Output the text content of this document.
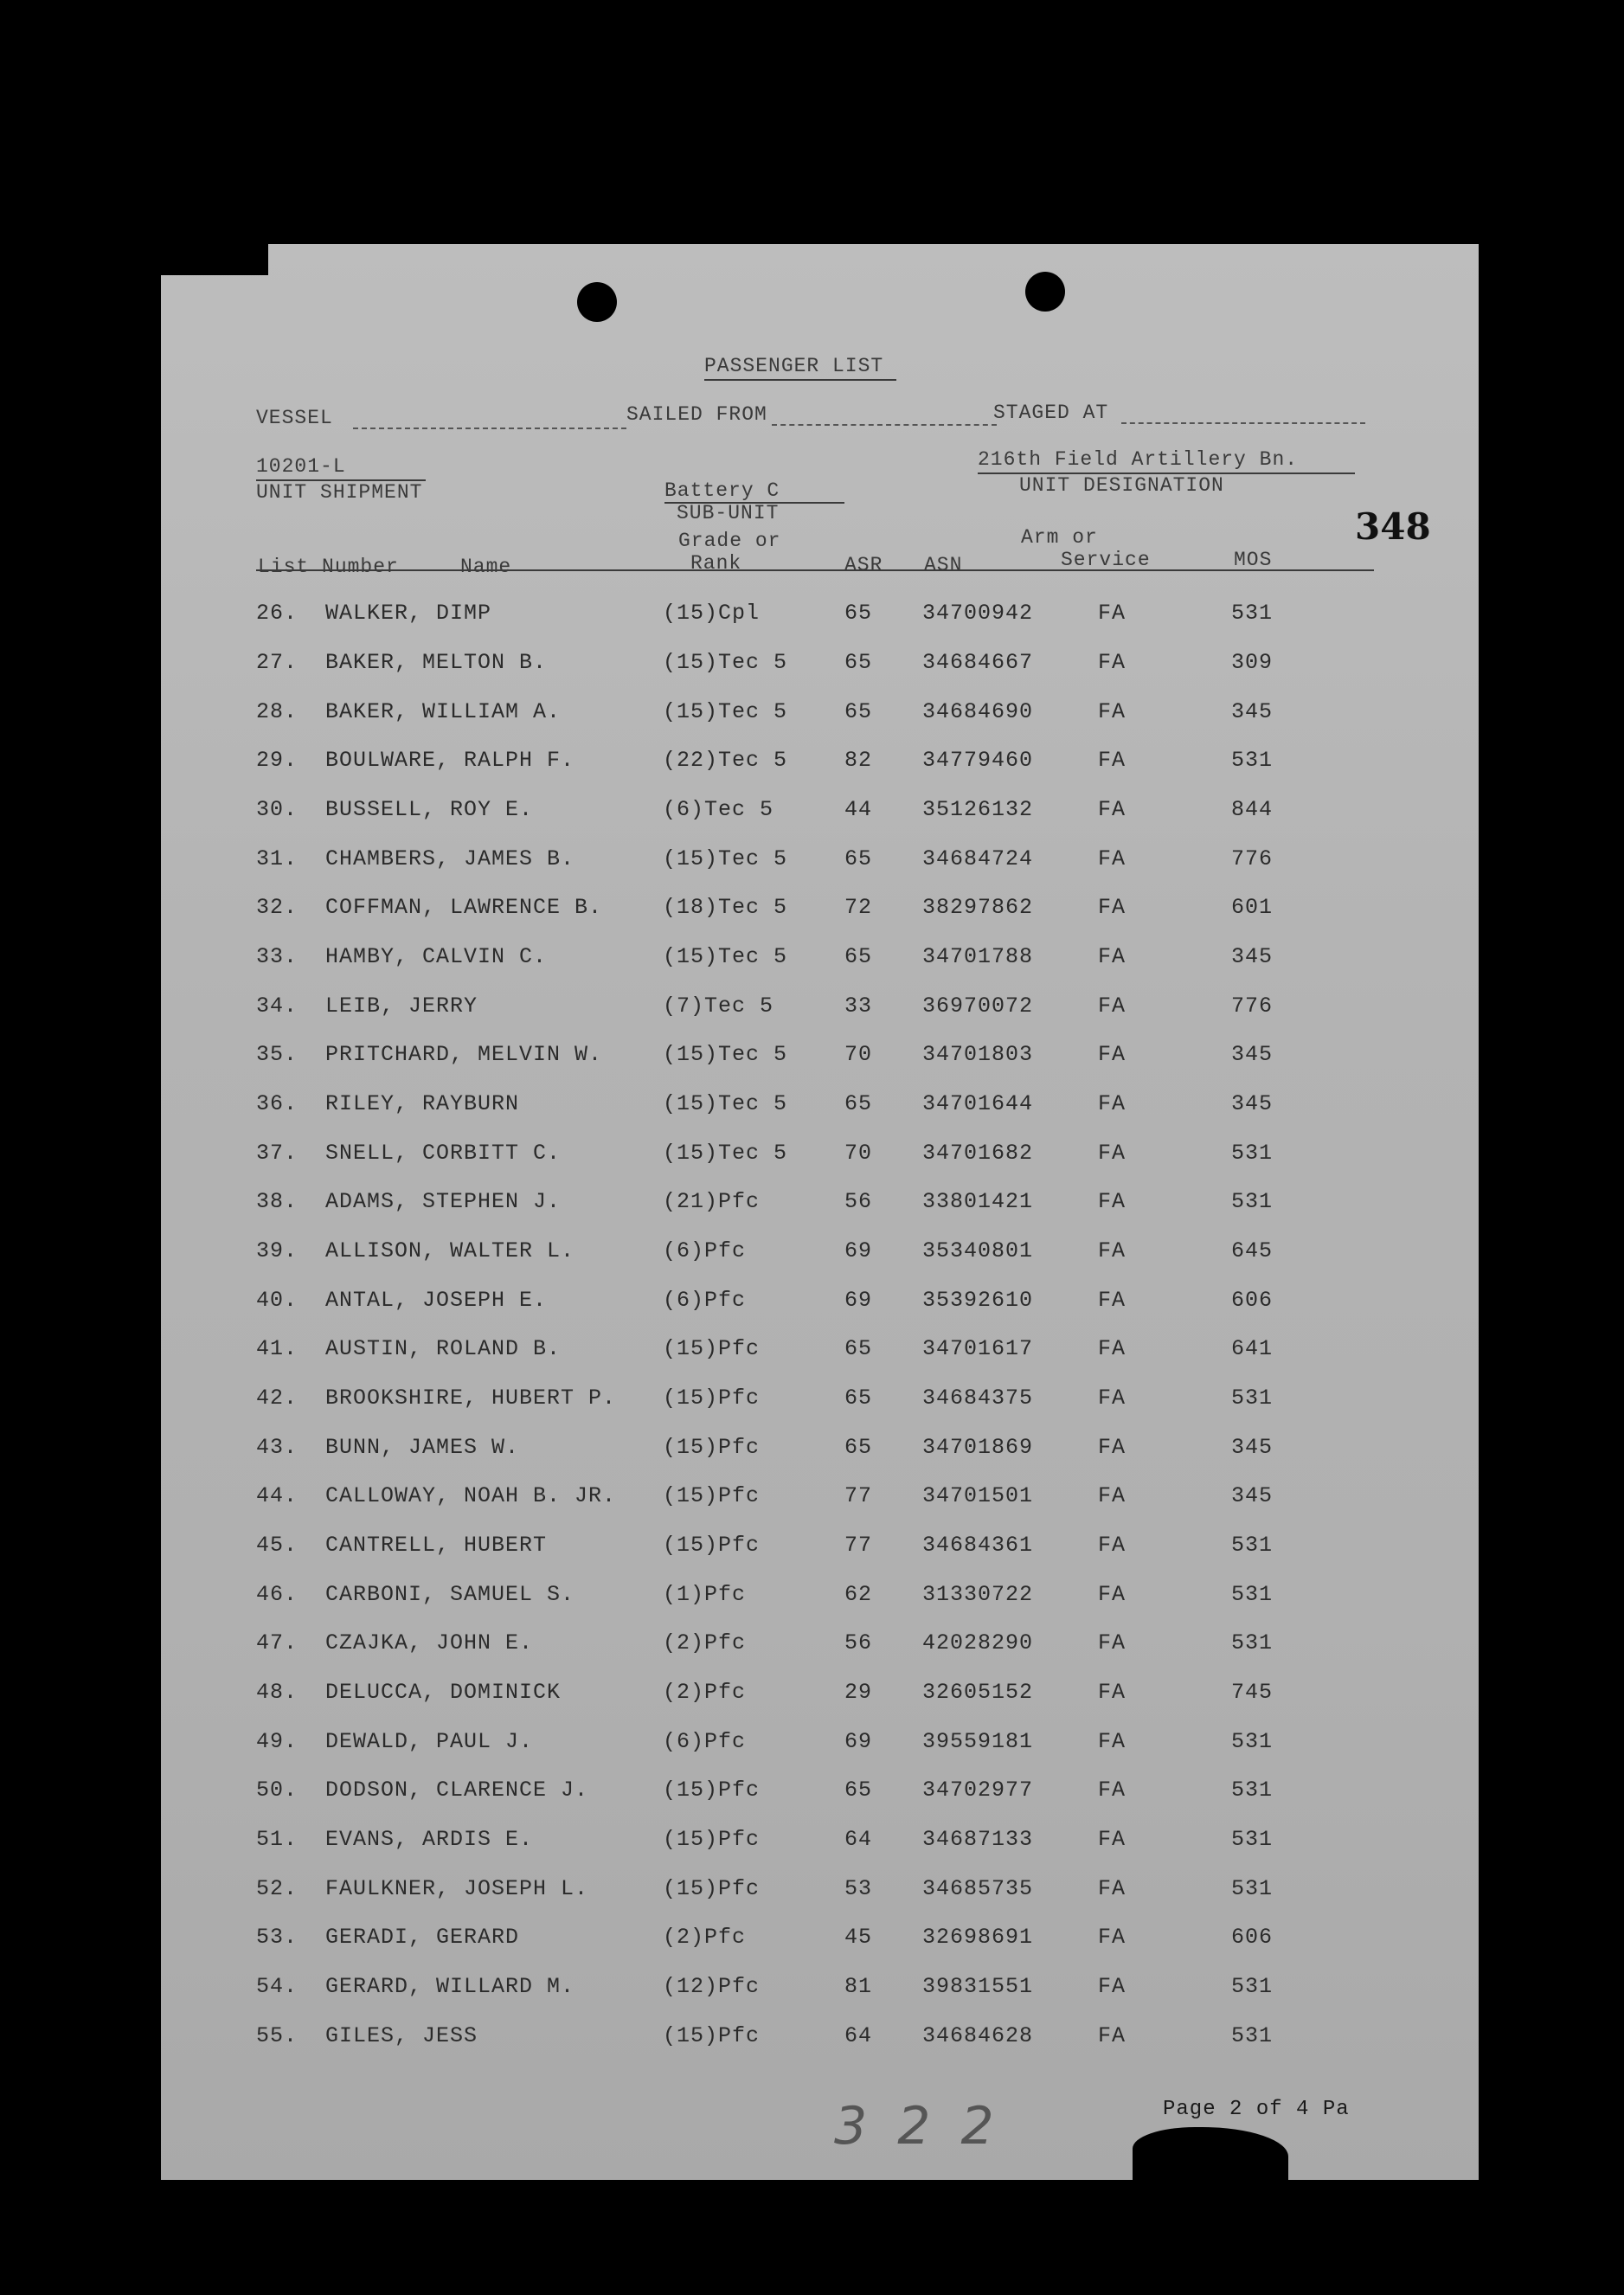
PASSENGER LIST
VESSEL	SAILED FROM	STAGED AT
10201-L
UNIT SHIPMENT	Battery C
SUB-UNIT
216th Field Artillery Bn.
UNIT DESIGNATION
348
List Number	Name
Grade or
Rank	ASR ASN
Arm or
Service	MOS
26. WALKER, DIMP	(15)Cpl	65 34700942	FA	531
27. BAKER, MELTON B.	(15)Tec 5	65 34684667	FA	309
28. BAKER, WILLIAM A.	(15)Tec 5	65 34684690	FA	345
29. BOULWARE, RALPH F.	(22)Tec 5	82 34779460	FA	531
30. BUSSELL, ROY E.	(6)Tec 5	44 35126132	FA	844
31. CHAMBERS, JAMES B.	(15)Tec 5	65 34684724	FA	776
32. COFFMAN, LAWRENCE B.	(18)Tec 5	72 38297862	FA	601
33. HAMBY, CALVIN C.	(15)Tec 5	65 34701788	FA	345
34. LEIB, JERRY	(7)Tec 5	33 36970072	FA	776
35. PRITCHARD, MELVIN W.	(15)Tec 5	70 34701803	FA	345
36. RILEY, RAYBURN	(15)Tec 5	65 34701644	FA	345
37. SNELL, CORBITT C.	(15)Tec 5	70 34701682	FA	531
38. ADAMS, STEPHEN J.	(21)Pfc	56 33801421	FA	531
39. ALLISON, WALTER L.	(6)Pfc	69 35340801	FA	645
40. ANTAL, JOSEPH E.	(6)Pfc	69 35392610	FA	606
41. AUSTIN, ROLAND B.	(15)Pfc	65 34701617	FA	641
42. BROOKSHIRE, HUBERT P. (15)Pfc	65 34684375	FA	531
43. BUNN, JAMES W.	(15)Pfc	65 34701869	FA	345
44. CALLOWAY, NOAH B. JR. (15)Pfc	77 34701501	FA	345
45. CANTRELL, HUBERT	(15)Pfc	77 34684361	FA	531
46. CARBONI, SAMUEL S.	(1)Pfc	62 31330722	FA	531
47. CZAJKA, JOHN E.	(2)Pfc	56 42028290	FA	531
48. DELUCCA, DOMINICK	(2)Pfc	29 32605152	FA	745
49. DEWALD, PAUL J.	(6)Pfc	69 39559181	FA	531
50. DODSON, CLARENCE J.	(15)Pfc	65 34702977	FA	531
51. EVANS, ARDIS E.	(15)Pfc	64 34687133	FA	531
52. FAULKNER, JOSEPH L.	(15)Pfc	53 34685735	FA	531
53. GERADI, GERARD	(2)Pfc	45 32698691	FA	606
54. GERARD, WILLARD M.	(12)Pfc	81 39831551	FA	531
55. GILES, JESS	(15)Pfc	64 34684628	FA	531
3 2 2	Page 2 of 4 Pa
